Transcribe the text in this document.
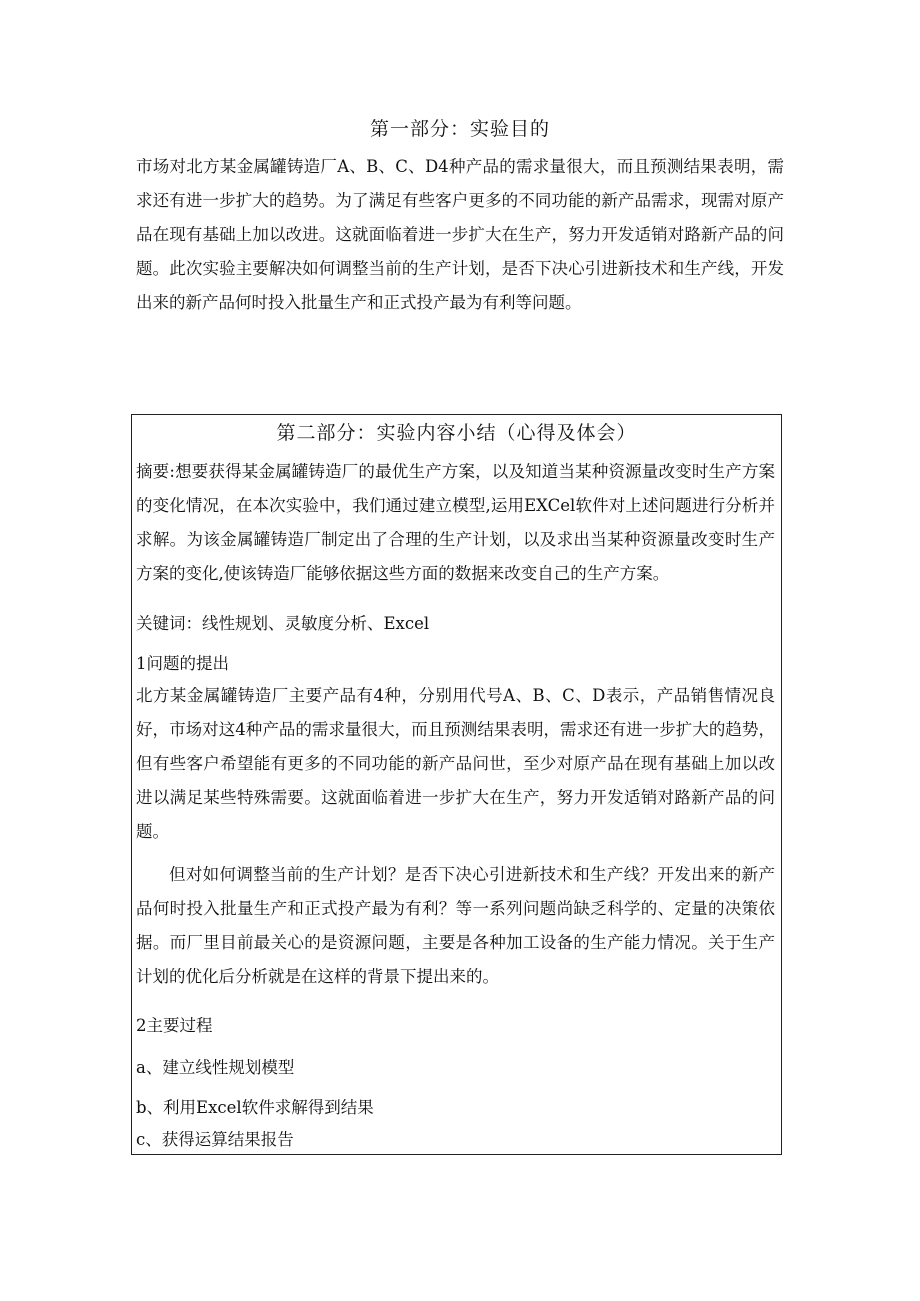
第一部分：实验目的
市场对北方某金属罐铸造厂A、B、C、D4种产品的需求量很大，而且预测结果表明，需求还有进一步扩大的趋势。为了满足有些客户更多的不同功能的新产品需求，现需对原产品在现有基础上加以改进。这就面临着进一步扩大在生产，努力开发适销对路新产品的问题。此次实验主要解决如何调整当前的生产计划，是否下决心引进新技术和生产线，开发出来的新产品何时投入批量生产和正式投产最为有利等问题。
第二部分：实验内容小结（心得及体会）
摘要:想要获得某金属罐铸造厂的最优生产方案，以及知道当某种资源量改变时生产方案的变化情况，在本次实验中，我们通过建立模型,运用EXCel软件对上述问题进行分析并求解。为该金属罐铸造厂制定出了合理的生产计划，以及求出当某种资源量改变时生产方案的变化,使该铸造厂能够依据这些方面的数据来改变自己的生产方案。
关键词：线性规划、灵敏度分析、Excel
1问题的提出
北方某金属罐铸造厂主要产品有4种，分别用代号A、B、C、D表示，产品销售情况良好，市场对这4种产品的需求量很大，而且预测结果表明，需求还有进一步扩大的趋势，但有些客户希望能有更多的不同功能的新产品问世，至少对原产品在现有基础上加以改进以满足某些特殊需要。这就面临着进一步扩大在生产，努力开发适销对路新产品的问题。
但对如何调整当前的生产计划？是否下决心引进新技术和生产线？开发出来的新产品何时投入批量生产和正式投产最为有利？等一系列问题尚缺乏科学的、定量的决策依据。而厂里目前最关心的是资源问题，主要是各种加工设备的生产能力情况。关于生产计划的优化后分析就是在这样的背景下提出来的。
2主要过程
a、建立线性规划模型
b、利用Excel软件求解得到结果
c、获得运算结果报告
